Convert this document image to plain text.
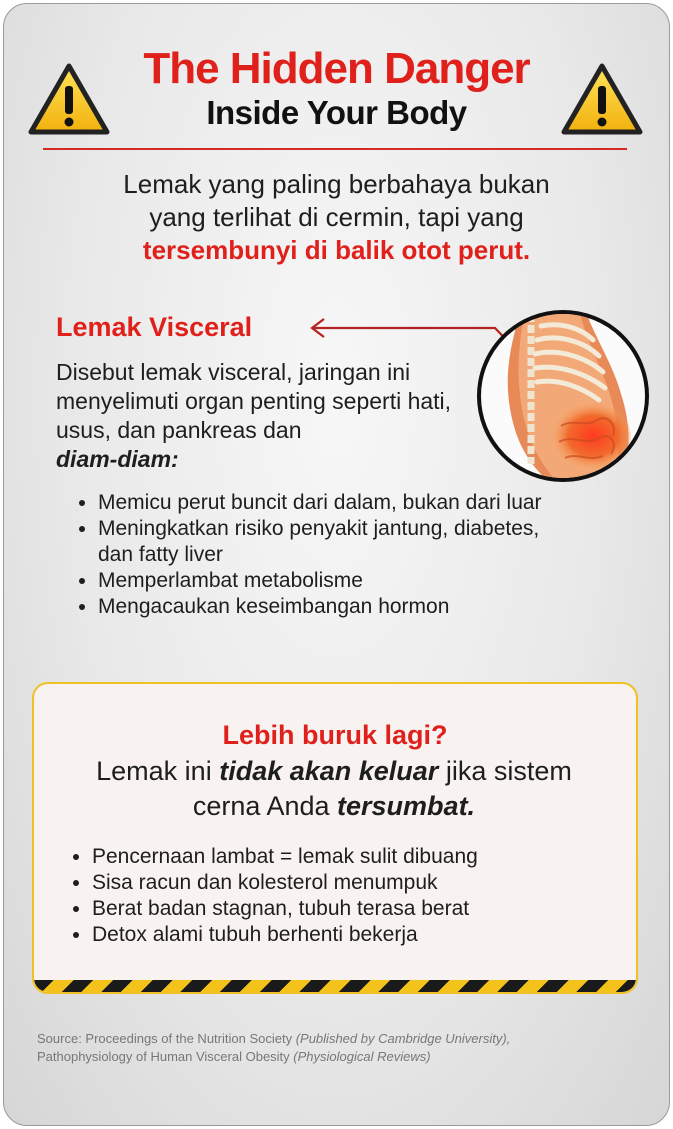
The Hidden Danger
Inside Your Body
Lemak yang paling berbahaya bukan
yang terlihat di cermin, tapi yang
tersembunyi di balik otot perut.
Lemak Visceral
Disebut lemak visceral, jaringan ini menyelimuti organ penting seperti hati, usus, dan pankreas dan
diam-diam:
• Memicu perut buncit dari dalam, bukan dari luar
• Meningkatkan risiko penyakit jantung, diabetes, dan fatty liver
• Memperlambat metabolisme
• Mengacaukan keseimbangan hormon
Lebih buruk lagi?
Lemak ini tidak akan keluar jika sistem cerna Anda tersumbat.
• Pencernaan lambat = lemak sulit dibuang
• Sisa racun dan kolesterol menumpuk
• Berat badan stagnan, tubuh terasa berat
• Detox alami tubuh berhenti bekerja
Source: Proceedings of the Nutrition Society (Published by Cambridge University),
Pathophysiology of Human Visceral Obesity (Physiological Reviews)
